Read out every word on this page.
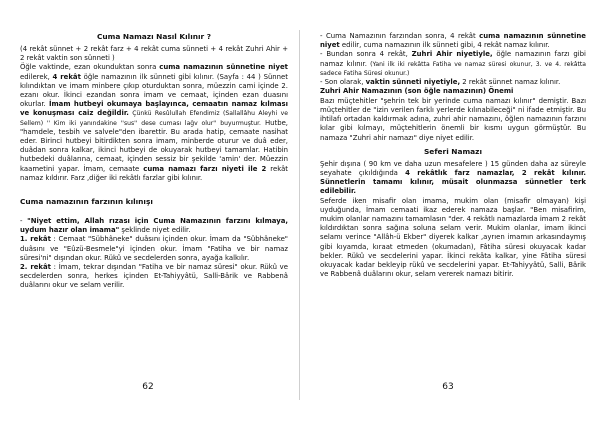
Cuma Namazı Nasıl Kılınır ?

(4 rekât sünnet + 2 rekât farz + 4 rekât cuma sünneti + 4 rekât Zuhri Ahir + 2 rekât vaktin son sünneti )

Öğle vaktinde, ezan okunduktan sonra cuma namazının sünnetine niyet edilerek, 4 rekât öğle namazının ilk sünneti gibi kılınır. (Sayfa : 44 ) Sünnet kılındıktan ve imam minbere çıkıp oturduktan sonra, müezzin cami içinde 2. ezanı okur. İkinci ezandan sonra imam ve cemaat, içinden ezan duasını okurlar. İmam hutbeyi okumaya başlayınca, cemaatın namaz kılması ve konuşması caiz değildir. Çünkü Resûlullah Efendimiz (Sallallâhu Aleyhi ve Sellem) '' Kim iki yanındakine ''sus'' dese cuması lağv olur'' buyurmuştur. Hutbe, "hamdele, tesbih ve salvele"den ibarettir. Bu arada hatip, cemaate nasihat eder. Birinci hutbeyi bitirdikten sonra imam, minberde oturur ve duâ eder, duâdan sonra kalkar, ikinci hutbeyi de okuyarak hutbeyi tamamlar. Hatibin hutbedeki duâlarına, cemaat, içinden sessiz bir şekilde 'amin' der. Müezzin kaametini yapar. İmam, cemaate cuma namazı farzı niyeti ile 2 rekât namaz kıldırır. Farz ,diğer iki rekâtlı farzlar gibi kılınır.

Cuma namazının farzının kılınışı

- "Niyet ettim, Allah rızası için Cuma Namazının farzını kılmaya, uydum hazır olan imama" şeklinde niyet edilir.

1. rekât : Cemaat "Sübhâneke" duâsını içinden okur. İmam da "Sübhâneke" duâsını ve "Eûzü-Besmele"yi içinden okur. İmam "Fatiha ve bir namaz süresi'ni" dışından okur. Rükû ve secdelerden sonra, ayağa kalkılır.

2. rekât : İmam, tekrar dışından "Fatiha ve bir namaz süresi" okur. Rükû ve secdelerden sonra, herkes içinden Et-Tahiyyâtü, Salli-Bârik ve Rabbenâ duâlarını okur ve selam verilir.

62

- Cuma Namazının farzından sonra, 4 rekât cuma namazının sünnetine niyet edilir, cuma namazının ilk sünneti gibi, 4 rekât namaz kılınır.

- Bundan sonra 4 rekât, Zuhri Ahir niyetiyle, öğle namazının farzı gibi namaz kılınır. (Yani ilk iki rekâtta Fatiha ve namaz süresi okunur, 3. ve 4. rekâtta sadece Fatiha Süresi okunur.)

- Son olarak, vaktin sünneti niyetiyle, 2 rekât sünnet namaz kılınır.

Zuhri Ahir Namazının (son öğle namazının) Önemi

Bazı müçtehitler "şehrin tek bir yerinde cuma namazı kılınır" demiştir. Bazı müçtehitler de "izin verilen farklı yerlerde kılınabileceği" ni ifade etmiştir. Bu ihtilafı ortadan kaldırmak adına, zuhri ahir namazını, öğlen namazının farzını kılar gibi kılmayı, müçtehitlerin önemli bir kısmı uygun görmüştür. Bu namaza "Zuhri ahir namazı" diye niyet edilir.

Seferi Namazı

Şehir dışına ( 90 km ve daha uzun mesafelere ) 15 günden daha az süreyle seyahate çıkıldığında 4 rekâtlık farz namazlar, 2 rekât kılınır. Sünnetlerin tamamı kılınır, müsait olunmazsa sünnetler terk edilebilir.

Seferde iken misafir olan imama, mukim olan (misafir olmayan) kişi uyduğunda, İmam cemaati ikaz ederek namaza başlar. "Ben misafirim, mukim olanlar namazını tamamlasın "der. 4 rekâtlı namazlarda imam 2 rekât kıldırdıktan sonra sağına soluna selam verir. Mukim olanlar, imam ikinci selamı verince "Allâh-ü Ekber" diyerek kalkar ,ayrıen imamın arkasındaymış gibi kıyamda, kıraat etmeden (okumadan), Fâtiha süresi okuyacak kadar bekler. Rükû ve secdelerini yapar. İkinci rekâta kalkar, yine Fâtiha süresi okuyacak kadar bekleyip rükû ve secdelerini yapar. Et-Tahiyyâtü, Salli, Bârik ve Rabbenâ duâlarını okur, selam vererek namazı bitirir.

63
